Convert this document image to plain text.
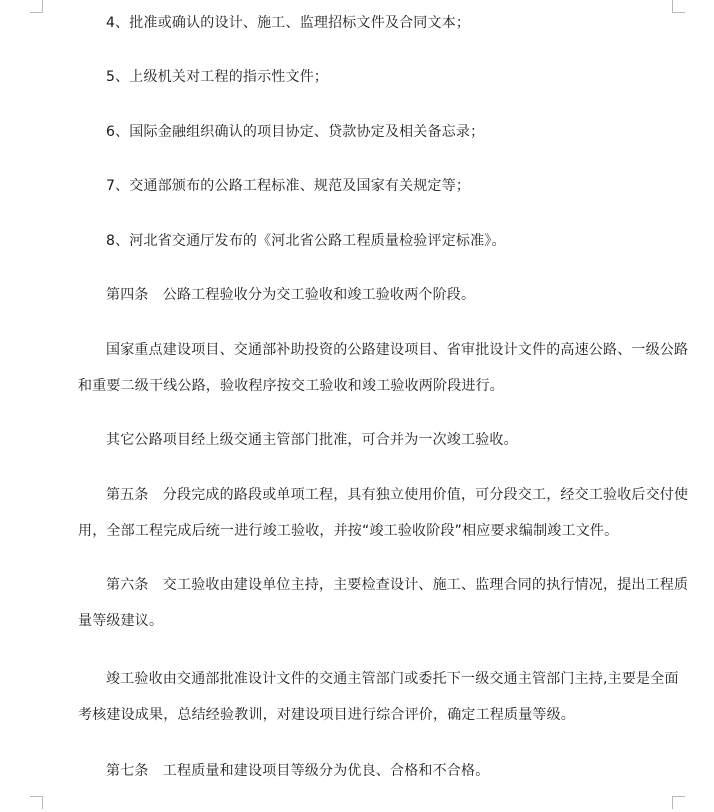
4、批准或确认的设计、施工、监理招标文件及合同文本；
5、上级机关对工程的指示性文件；
6、国际金融组织确认的项目协定、贷款协定及相关备忘录；
7、交通部颁布的公路工程标准、规范及国家有关规定等；
8、河北省交通厅发布的《河北省公路工程质量检验评定标准》。
第四条　公路工程验收分为交工验收和竣工验收两个阶段。
国家重点建设项目、交通部补助投资的公路建设项目、省审批设计文件的高速公路、一级公路
和重要二级干线公路，验收程序按交工验收和竣工验收两阶段进行。
其它公路项目经上级交通主管部门批准，可合并为一次竣工验收。
第五条　分段完成的路段或单项工程，具有独立使用价值，可分段交工，经交工验收后交付使
用，全部工程完成后统一进行竣工验收，并按“竣工验收阶段”相应要求编制竣工文件。
第六条　交工验收由建设单位主持，主要检查设计、施工、监理合同的执行情况，提出工程质
量等级建议。
竣工验收由交通部批准设计文件的交通主管部门或委托下一级交通主管部门主持,主要是全面
考核建设成果，总结经验教训，对建设项目进行综合评价，确定工程质量等级。
第七条　工程质量和建设项目等级分为优良、合格和不合格。
